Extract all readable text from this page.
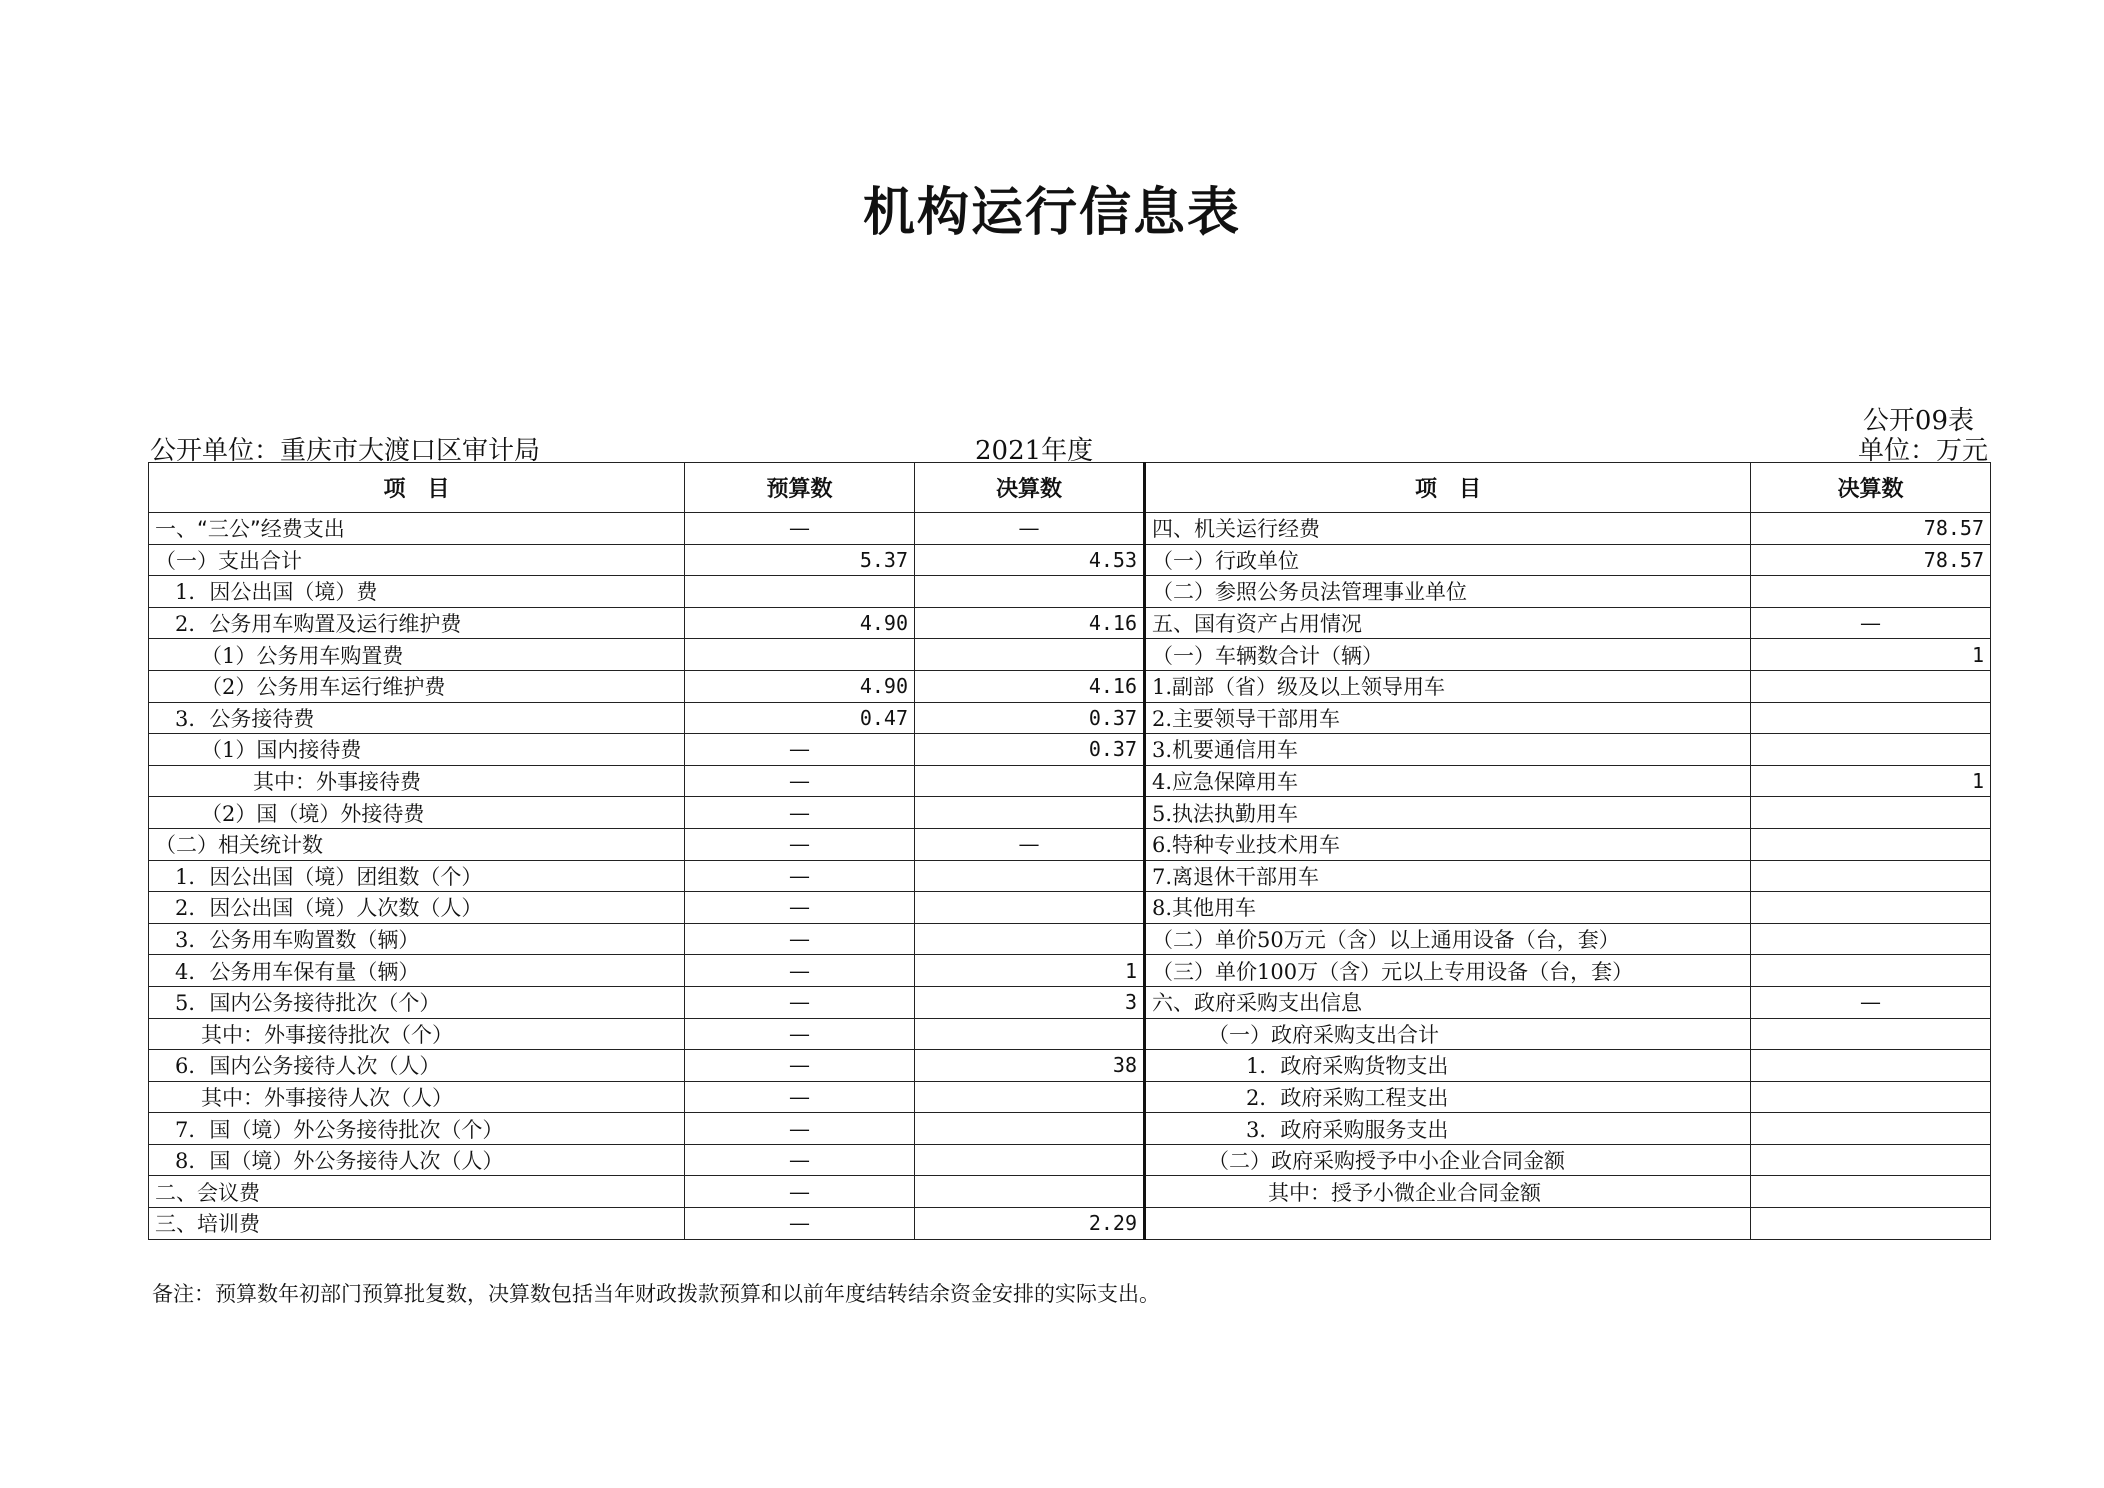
机构运行信息表
公开09表
公开单位：重庆市大渡口区审计局	2021年度	单位：万元
项　目	预算数	决算数	项　目	决算数
一、“三公”经费支出	—	—	四、机关运行经费	78.57
（一）支出合计	5.37	4.53	（一）行政单位	78.57
1．因公出国（境）费			（二）参照公务员法管理事业单位	
2．公务用车购置及运行维护费	4.90	4.16	五、国有资产占用情况	—
（1）公务用车购置费			（一）车辆数合计（辆）	1
（2）公务用车运行维护费	4.90	4.16	1.副部（省）级及以上领导用车	
3．公务接待费	0.47	0.37	2.主要领导干部用车	
（1）国内接待费	—	0.37	3.机要通信用车	
其中：外事接待费	—		4.应急保障用车	1
（2）国（境）外接待费	—		5.执法执勤用车	
（二）相关统计数	—	—	6.特种专业技术用车	
1．因公出国（境）团组数（个）	—		7.离退休干部用车	
2．因公出国（境）人次数（人）	—		8.其他用车	
3．公务用车购置数（辆）	—		（二）单价50万元（含）以上通用设备（台，套）	
4．公务用车保有量（辆）	—	1	（三）单价100万（含）元以上专用设备（台，套）	
5．国内公务接待批次（个）	—	3	六、政府采购支出信息	—
其中：外事接待批次（个）	—		（一）政府采购支出合计	
6．国内公务接待人次（人）	—	38	1．政府采购货物支出	
其中：外事接待人次（人）	—		2．政府采购工程支出	
7．国（境）外公务接待批次（个）	—		3．政府采购服务支出	
8．国（境）外公务接待人次（人）	—		（二）政府采购授予中小企业合同金额	
二、会议费	—		其中：授予小微企业合同金额	
三、培训费	—	2.29		
备注：预算数年初部门预算批复数，决算数包括当年财政拨款预算和以前年度结转结余资金安排的实际支出。
